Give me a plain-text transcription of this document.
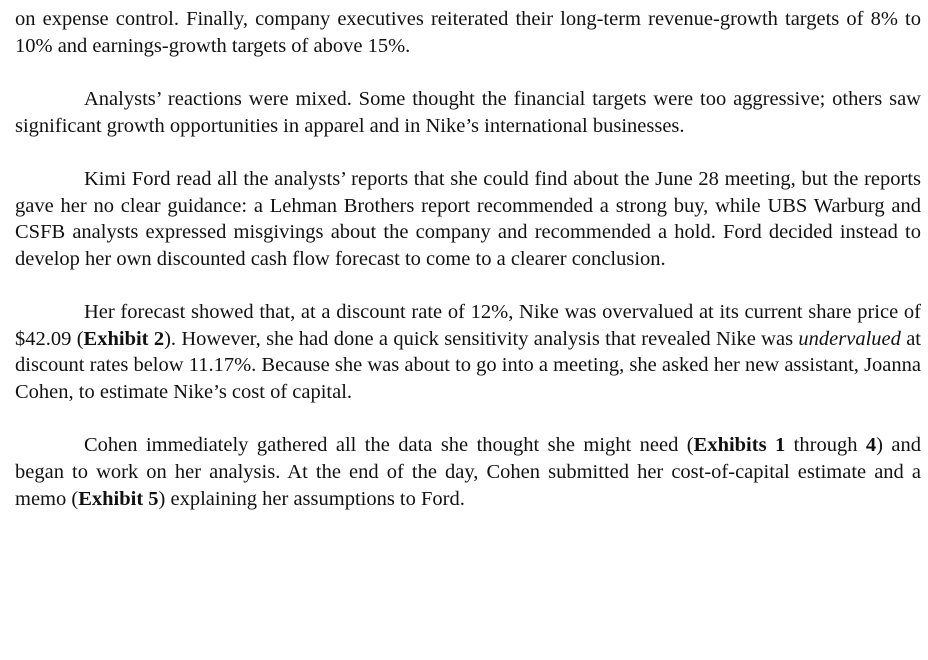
on expense control. Finally, company executives reiterated their long-term revenue-growth targets of 8% to 10% and earnings-growth targets of above 15%.

Analysts’ reactions were mixed. Some thought the financial targets were too aggressive; others saw significant growth opportunities in apparel and in Nike’s international businesses.

Kimi Ford read all the analysts’ reports that she could find about the June 28 meeting, but the reports gave her no clear guidance: a Lehman Brothers report recommended a strong buy, while UBS Warburg and CSFB analysts expressed misgivings about the company and recommended a hold. Ford decided instead to develop her own discounted cash flow forecast to come to a clearer conclusion.

Her forecast showed that, at a discount rate of 12%, Nike was overvalued at its current share price of $42.09 (Exhibit 2). However, she had done a quick sensitivity analysis that revealed Nike was undervalued at discount rates below 11.17%. Because she was about to go into a meeting, she asked her new assistant, Joanna Cohen, to estimate Nike’s cost of capital.

Cohen immediately gathered all the data she thought she might need (Exhibits 1 through 4) and began to work on her analysis. At the end of the day, Cohen submitted her cost-of-capital estimate and a memo (Exhibit 5) explaining her assumptions to Ford.
